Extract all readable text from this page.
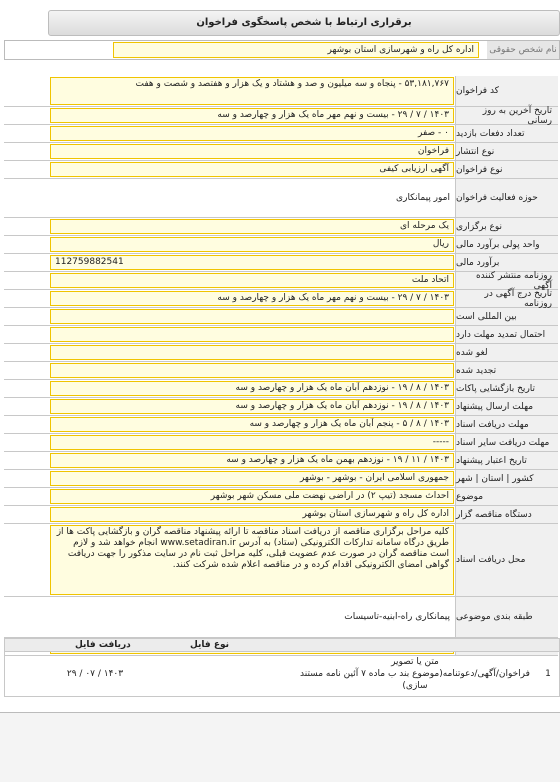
برقراری ارتباط با شخص پاسخگوی فراخوان
نام شخص حقوقی
اداره کل راه و شهرسازی استان بوشهر
کد فراخوان
۵۳,۱۸۱,۷۶۷ - پنجاه و سه میلیون و صد و هشتاد و یک هزار و هفتصد و شصت و هفت
تاریخ آخرین به روز رسانی
۱۴۰۳ / ۷ / ۲۹ - بیست و نهم مهر ماه یک هزار و چهارصد و سه
تعداد دفعات بازدید
۰ - صفر
نوع انتشار
فراخوان
نوع فراخوان
آگهی ارزیابی کیفی
حوزه فعالیت فراخوان
امور پیمانکاری
نوع برگزاری
یک مرحله ای
واحد پولی برآورد مالی
ریال
برآورد مالی
112759882541
روزنامه منتشر کننده آگهی
اتحاد ملت
تاریخ درج آگهی در روزنامه
۱۴۰۳ / ۷ / ۲۹ - بیست و نهم مهر ماه یک هزار و چهارصد و سه
بین المللی است
احتمال تمدید مهلت دارد
لغو شده
تجدید شده
تاریخ بازگشایی پاکات
۱۴۰۳ / ۸ / ۱۹ - نوزدهم آبان ماه یک هزار و چهارصد و سه
مهلت ارسال پیشنهاد
۱۴۰۳ / ۸ / ۱۹ - نوزدهم آبان ماه یک هزار و چهارصد و سه
مهلت دریافت اسناد
۱۴۰۳ / ۸ / ۵ - پنجم آبان ماه یک هزار و چهارصد و سه
مهلت دریافت سایر اسناد
-----
تاریخ اعتبار پیشنهاد
۱۴۰۳ / ۱۱ / ۱۹ - نوزدهم بهمن ماه یک هزار و چهارصد و سه
کشور | استان | شهر
جمهوری اسلامی ایران - بوشهر - بوشهر
موضوع
احداث مسجد (تیپ ۲) در اراضی نهضت ملی مسکن شهر بوشهر
دستگاه مناقصه گزار
اداره کل راه و شهرسازی استان بوشهر
محل دریافت اسناد
کلیه مراحل برگزاری مناقصه از دریافت اسناد مناقصه تا ارائه پیشنهاد مناقصه گران و بازگشایی پاکت ها از طریق درگاه سامانه تدارکات الکترونیکی (ستاد) به آدرس www.setadiran.ir انجام خواهد شد و لازم است مناقصه گران در صورت عدم عضویت قبلی، کلیه مراحل ثبت نام در سایت مذکور را جهت دریافت گواهی امضای الکترونیکی اقدام کرده و در مناقصه اعلام شده شرکت کنند.
طبقه بندی موضوعی
پیمانکاری راه-ابنیه-تاسیسات
نوع فایل
دریافت فایل
1
متن یا تصویر
فراخوان/آگهی/دعوتنامه(موضوع بند ب ماده ۷ آئین نامه مستند سازی)
۱۴۰۳ / ۰۷ / ۲۹
